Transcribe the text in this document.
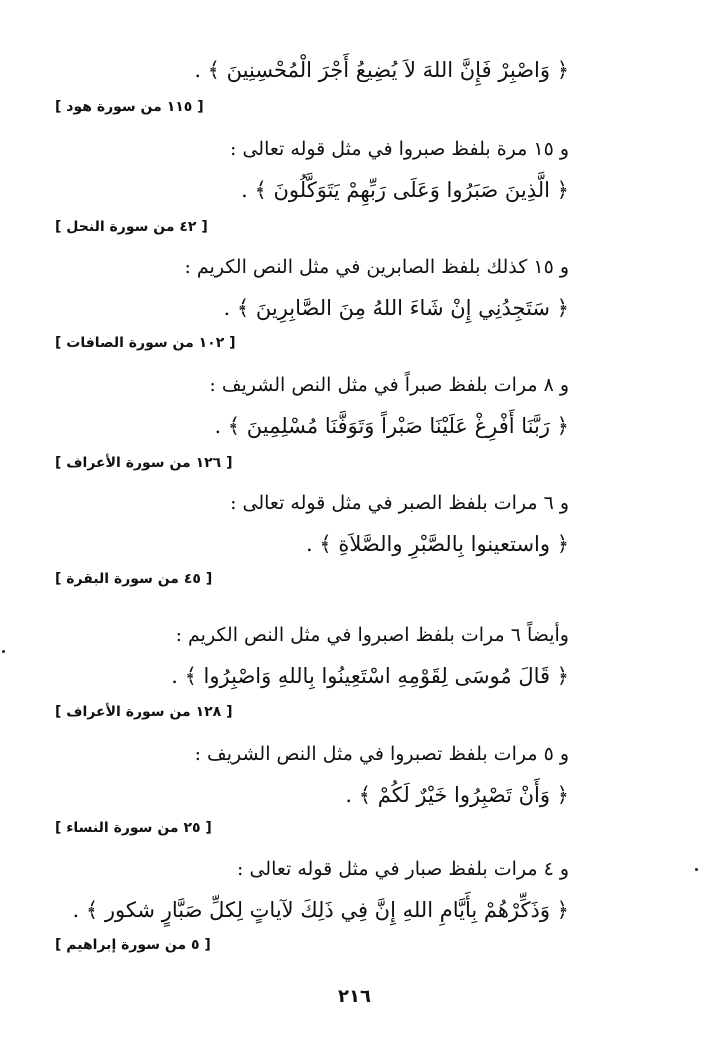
﴿ وَاصْبِرْ فَإِنَّ اللهَ لاَ يُضِيعُ أَجْرَ الْمُحْسِنِينَ ﴾ .
[ ١١٥ من سورة هود ]
و ١٥ مرة بلفظ صبروا في مثل قوله تعالى :
﴿ الَّذِينَ صَبَرُوا وَعَلَى رَبِّهِمْ يَتَوَكَّلُونَ ﴾ .
[ ٤٢ من سورة النحل ]
و ١٥ كذلك بلفظ الصابرين في مثل النص الكريم :
﴿ سَتَجِدُنِي إِنْ شَاءَ اللهُ مِنَ الصَّابِرِينَ ﴾ .
[ ١٠٢ من سورة الصافات ]
و ٨ مرات بلفظ صبراً في مثل النص الشريف :
﴿ رَبَّنَا أَفْرِغْ عَلَيْنَا صَبْراً وَتَوَفَّنَا مُسْلِمِينَ ﴾ .
[ ١٢٦ من سورة الأعراف ]
و ٦ مرات بلفظ الصبر في مثل قوله تعالى :
﴿ واستعينوا بِالصَّبْرِ والصَّلاَةِ ﴾ .
[ ٤٥ من سورة البقرة ]
وأيضاً ٦ مرات بلفظ اصبروا في مثل النص الكريم :
﴿ قَالَ مُوسَى لِقَوْمِهِ اسْتَعِينُوا بِاللهِ وَاصْبِرُوا ﴾ .
[ ١٢٨ من سورة الأعراف ]
و ٥ مرات بلفظ تصبروا في مثل النص الشريف :
﴿ وَأَنْ تَصْبِرُوا خَيْرٌ لَكُمْ ﴾ .
[ ٢٥ من سورة النساء ]
و ٤ مرات بلفظ صبار في مثل قوله تعالى :
﴿ وَذَكِّرْهُمْ بِأَيَّامِ اللهِ إِنَّ فِي ذَلِكَ لآياتٍ لِكلِّ صَبَّارٍ شكور ﴾ .
[ ٥ من سورة إبراهيم ]
٢١٦
